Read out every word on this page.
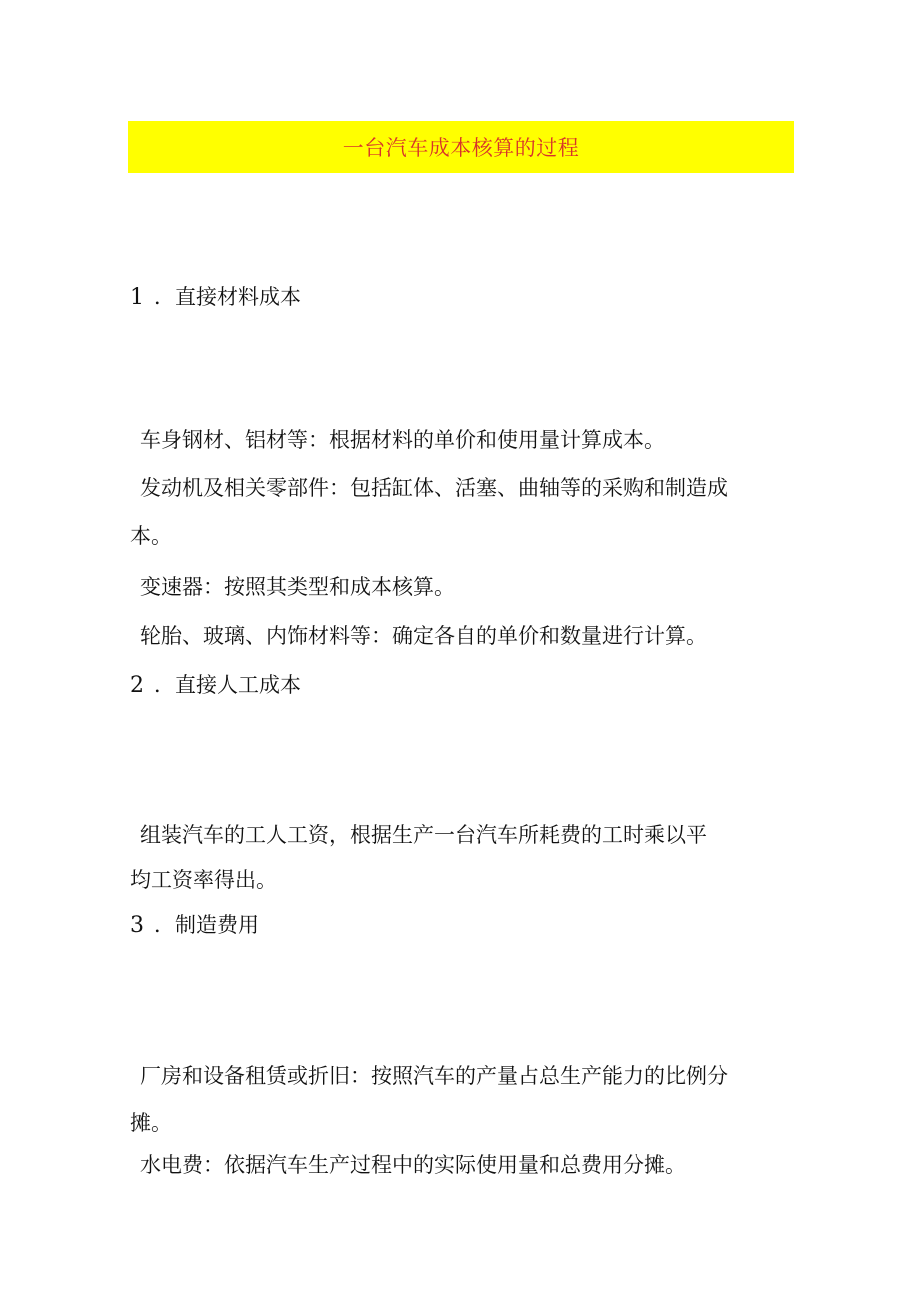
一台汽车成本核算的过程
1 ．直接材料成本
车身钢材、铝材等：根据材料的单价和使用量计算成本。
发动机及相关零部件：包括缸体、活塞、曲轴等的采购和制造成
本。
变速器：按照其类型和成本核算。
轮胎、玻璃、内饰材料等：确定各自的单价和数量进行计算。
2 ．直接人工成本
组装汽车的工人工资，根据生产一台汽车所耗费的工时乘以平
均工资率得出。
3 ．制造费用
厂房和设备租赁或折旧：按照汽车的产量占总生产能力的比例分
摊。
水电费：依据汽车生产过程中的实际使用量和总费用分摊。
